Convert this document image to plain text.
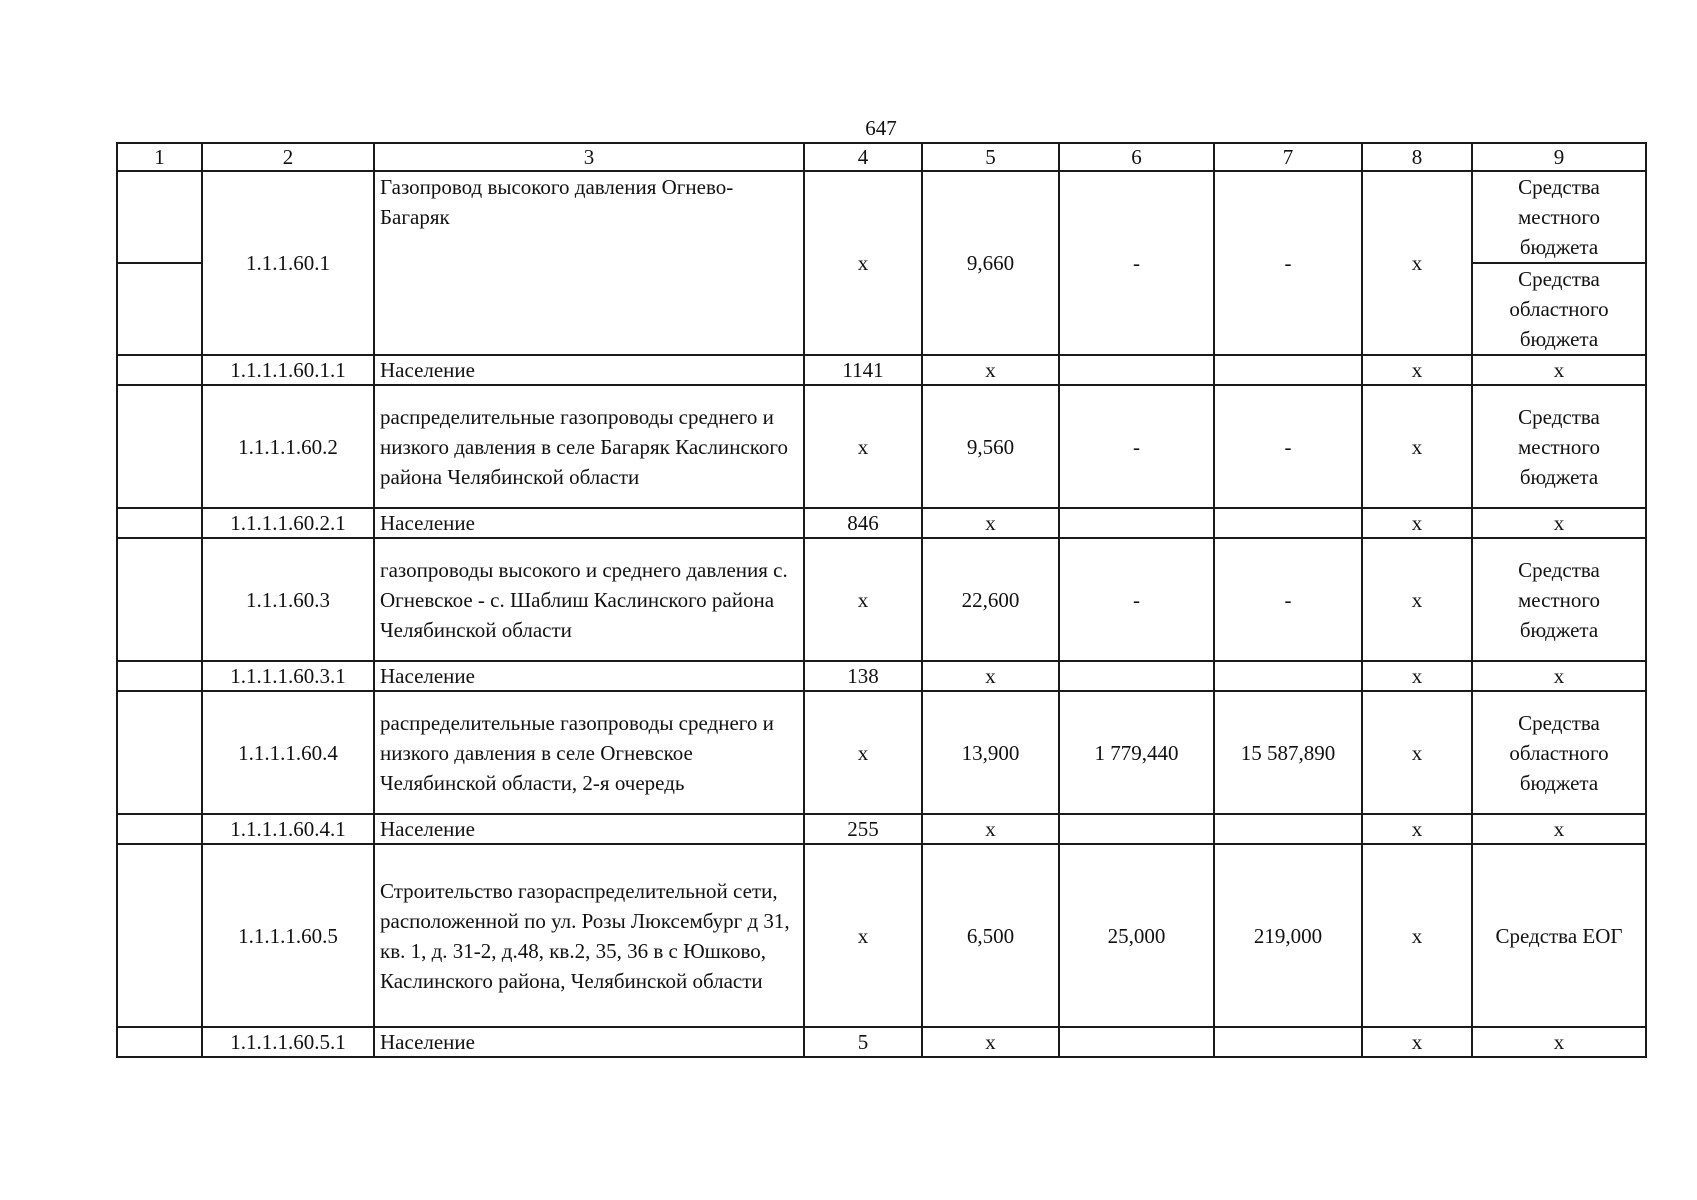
647
1	2	3	4	5	6	7	8	9
	1.1.1.60.1	Газопровод высокого давления Огнево-Багаряк	x	9,660	-	-	x	Средства местного бюджета
								Средства областного бюджета
	1.1.1.1.60.1.1	Население	1141	x			x	x
	1.1.1.1.60.2	распределительные газопроводы среднего и низкого давления в селе Багаряк Каслинского района Челябинской области	x	9,560	-	-	x	Средства местного бюджета
	1.1.1.1.60.2.1	Население	846	x			x	x
	1.1.1.60.3	газопроводы высокого и среднего давления с. Огневское - с. Шаблиш Каслинского района Челябинской области	x	22,600	-	-	x	Средства местного бюджета
	1.1.1.1.60.3.1	Население	138	x			x	x
	1.1.1.1.60.4	распределительные газопроводы среднего и низкого давления в селе Огневское Челябинской области, 2-я очередь	x	13,900	1 779,440	15 587,890	x	Средства областного бюджета
	1.1.1.1.60.4.1	Население	255	x			x	x
	1.1.1.1.60.5	Строительство газораспределительной сети, расположенной по ул. Розы Люксембург д 31, кв. 1, д. 31-2, д.48, кв.2, 35, 36 в с Юшково, Каслинского района, Челябинской области	x	6,500	25,000	219,000	x	Средства ЕОГ
	1.1.1.1.60.5.1	Население	5	x			x	x
